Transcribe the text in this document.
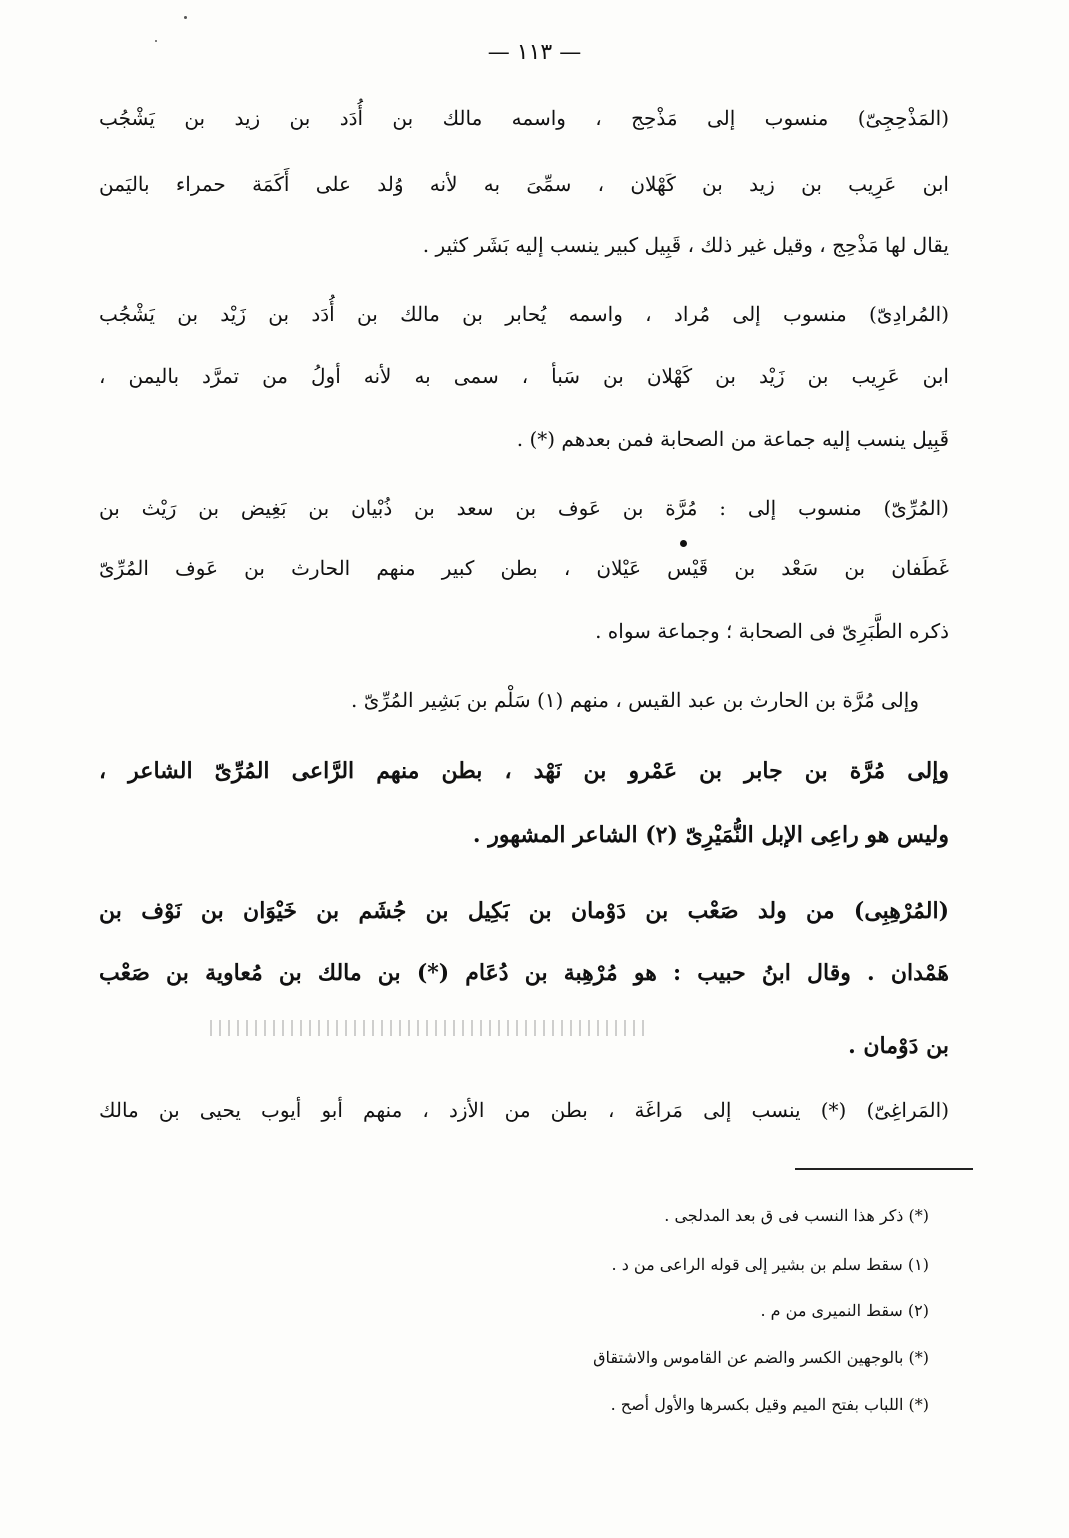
— ١١٣ —
(المَذْحِجِىّ) منسوب إلى مَذْحِج ، واسمه مالك بن أُدَد بن زيد بن يَشْجُب
ابن عَرِيب بن زيد بن كَهْلان ، سمِّىَ به لأنه وُلد على أَكَمَة حمراء باليَمن
يقال لها مَذْحِج ، وقيل غير ذلك ، قَبِيل كبير ينسب إليه بَشَر كثير .
(المُرادِىّ) منسوب إلى مُراد ، واسمه يُحابر بن مالك بن أُدَد بن زَيْد بن يَشْجُب
ابن عَرِيب بن زَيْد بن كَهْلان بن سَبأ ، سمى به لأنه أولُ من تمرَّد باليمن ،
قَبِيل ينسب إليه جماعة من الصحابة فمن بعدهم (*) .
(المُرِّىّ) منسوب إلى : مُرَّة بن عَوف بن سعد بن ذُبْيان بن بَغِيض بن رَيْث بن
غَطَفان بن سَعْد بن قَيْس عَيْلان ، بطن كبير منهم الحارث بن عَوف المُرِّىّ
ذكره الطَّبَرِىّ فى الصحابة ؛ وجماعة سواه .
وإلى مُرَّة بن الحارث بن عبد القيس ، منهم (١) سَلْم بن بَشِير المُرِّىّ .
وإلى مُرَّة بن جابر بن عَمْرو بن نَهْد ، بطن منهم الرَّاعى المُرِّىّ الشاعر ،
وليس هو راعِى الإبل النُّمَيْرِىّ (٢) الشاعر المشهور .
(المُرْهِبِى) من ولد صَعْب بن دَوْمان بن بَكِيل بن جُشَم بن خَيْوَان بن نَوْف بن
هَمْدان . وقال ابنُ حبيب : هو مُرْهِبة بن دُعَام (*) بن مالك بن مُعاوية بن صَعْب
بن دَوْمان .
(المَراغِىّ) (*) ينسب إلى مَراغَة ، بطن من الأزد ، منهم أبو أيوب يحيى بن مالك
(*) ذكر هذا النسب فى ق بعد المدلجى .
(١) سقط سلم بن بشير إلى قوله الراعى من د .
(٢) سقط النميرى من م .
(*) بالوجهين الكسر والضم عن القاموس والاشتقاق
(*) اللباب بفتح الميم وقيل بكسرها والأول أصح .
